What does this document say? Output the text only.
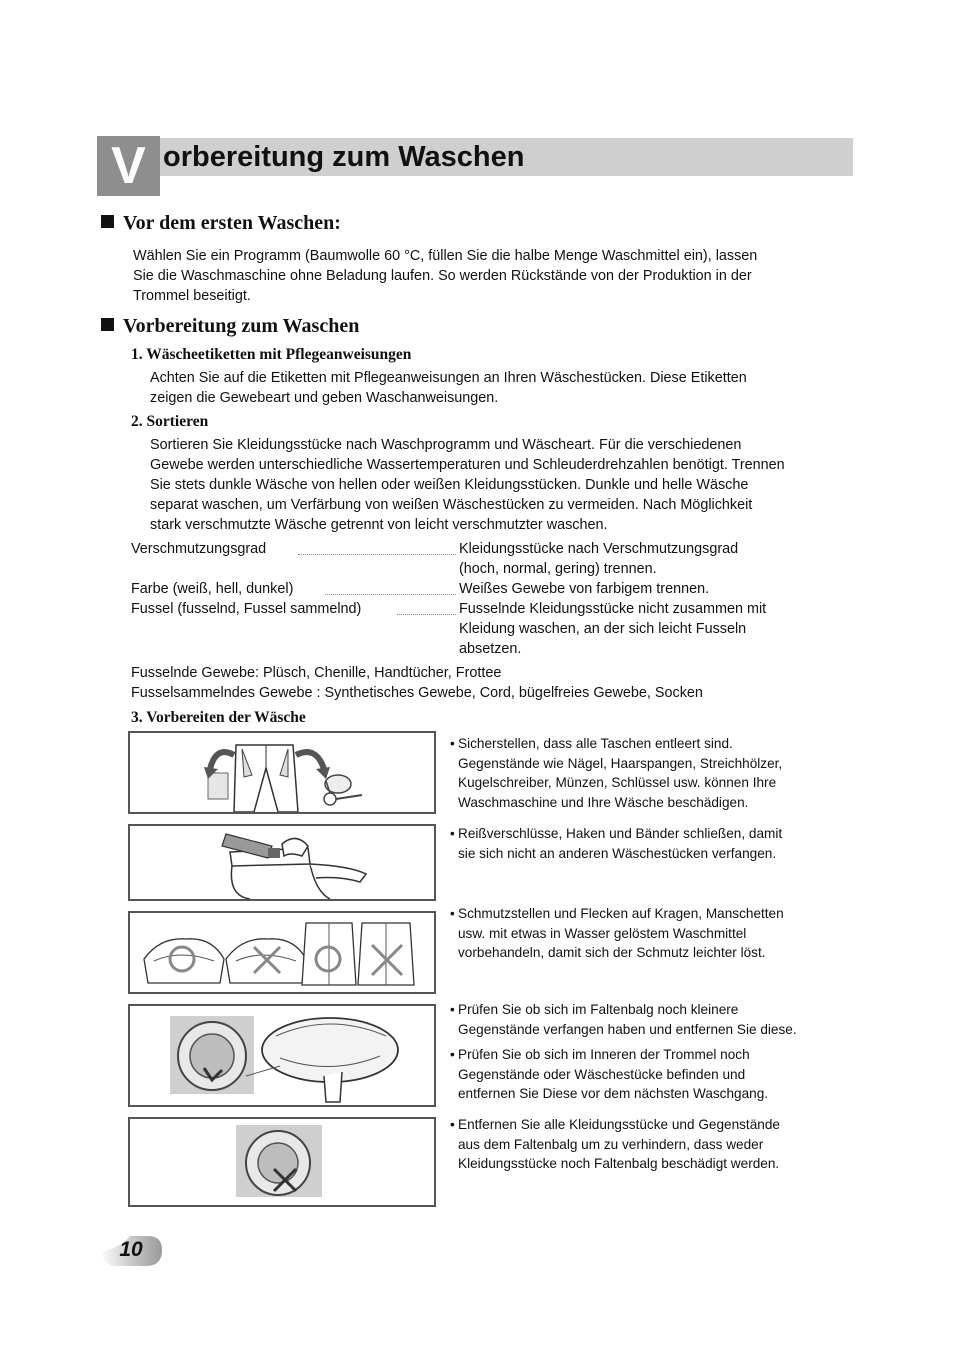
V orbereitung zum Waschen
Vor dem ersten Waschen:
Wählen Sie ein Programm (Baumwolle 60 °C, füllen Sie die halbe Menge Waschmittel ein), lassen
Sie die Waschmaschine ohne Beladung laufen. So werden Rückstände von der Produktion in der
Trommel beseitigt.
Vorbereitung zum Waschen
1. Wäscheetiketten mit Pflegeanweisungen
Achten Sie auf die Etiketten mit Pflegeanweisungen an Ihren Wäschestücken. Diese Etiketten
zeigen die Gewebeart und geben Waschanweisungen.
2. Sortieren
Sortieren Sie Kleidungsstücke nach Waschprogramm und Wäscheart. Für die verschiedenen
Gewebe werden unterschiedliche Wassertemperaturen und Schleuderdrehzahlen benötigt. Trennen
Sie stets dunkle Wäsche von hellen oder weißen Kleidungsstücken. Dunkle und helle Wäsche
separat waschen, um Verfärbung von weißen Wäschestücken zu vermeiden. Nach Möglichkeit
stark verschmutzte Wäsche getrennt von leicht verschmutzter waschen.
Verschmutzungsgrad	Kleidungsstücke nach Verschmutzungsgrad
(hoch, normal, gering) trennen.
Farbe (weiß, hell, dunkel)	Weißes Gewebe von farbigem trennen.
Fussel (fusselnd, Fussel sammelnd)	Fusselnde Kleidungsstücke nicht zusammen mit
Kleidung waschen, an der sich leicht Fusseln
absetzen.
Fusselnde Gewebe: Plüsch, Chenille, Handtücher, Frottee
Fusselsammelndes Gewebe : Synthetisches Gewebe, Cord, bügelfreies Gewebe, Socken
3. Vorbereiten der Wäsche
• Sicherstellen, dass alle Taschen entleert sind.
Gegenstände wie Nägel, Haarspangen, Streichhölzer,
Kugelschreiber, Münzen, Schlüssel usw. können Ihre
Waschmaschine und Ihre Wäsche beschädigen.
• Reißverschlüsse, Haken und Bänder schließen, damit
sie sich nicht an anderen Wäschestücken verfangen.
• Schmutzstellen und Flecken auf Kragen, Manschetten
usw. mit etwas in Wasser gelöstem Waschmittel
vorbehandeln, damit sich der Schmutz leichter löst.
• Prüfen Sie ob sich im Faltenbalg noch kleinere
Gegenstände verfangen haben und entfernen Sie diese.
• Prüfen Sie ob sich im Inneren der Trommel noch
Gegenstände oder Wäschestücke befinden und
entfernen Sie Diese vor dem nächsten Waschgang.
• Entfernen Sie alle Kleidungsstücke und Gegenstände
aus dem Faltenbalg um zu verhindern, dass weder
Kleidungsstücke noch Faltenbalg beschädigt werden.
10
